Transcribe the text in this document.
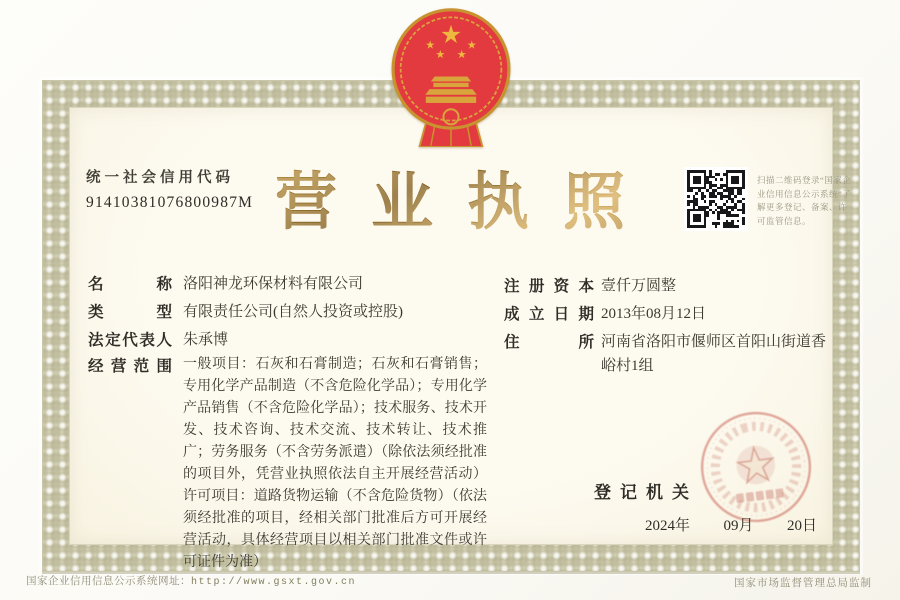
营业执照	扫描二维码登录“国家企业信用信息公示系统”了解更多登记、备案、许可监管信息。
名称 洛阳神龙环保材料有限公司
类型 有限责任公司(自然人投资或控股)
法定代表人 朱承博
经营范围 一般项目：石灰和石膏制造；石灰和石膏销售；专用化学产品制造（不含危险化学品）；专用化学产品销售（不含危险化学品）；技术服务、技术开发、技术咨询、技术交流、技术转让、技术推广；劳务服务（不含劳务派遣）（除依法须经批准的项目外，凭营业执照依法自主开展经营活动）许可项目：道路货物运输（不含危险货物）（依法须经批准的项目，经相关部门批准后方可开展经营活动，具体经营项目以相关部门批准文件或许可证件为准）
注册资本 壹仟万圆整
成立日期 2013年08月12日
住所 河南省洛阳市偃师区首阳山街道香峪村1组
登记机关
2024年 09月 20日
国家企业信用信息公示系统网址：http://www.gsxt.gov.cn	国家市场监督管理总局监制
